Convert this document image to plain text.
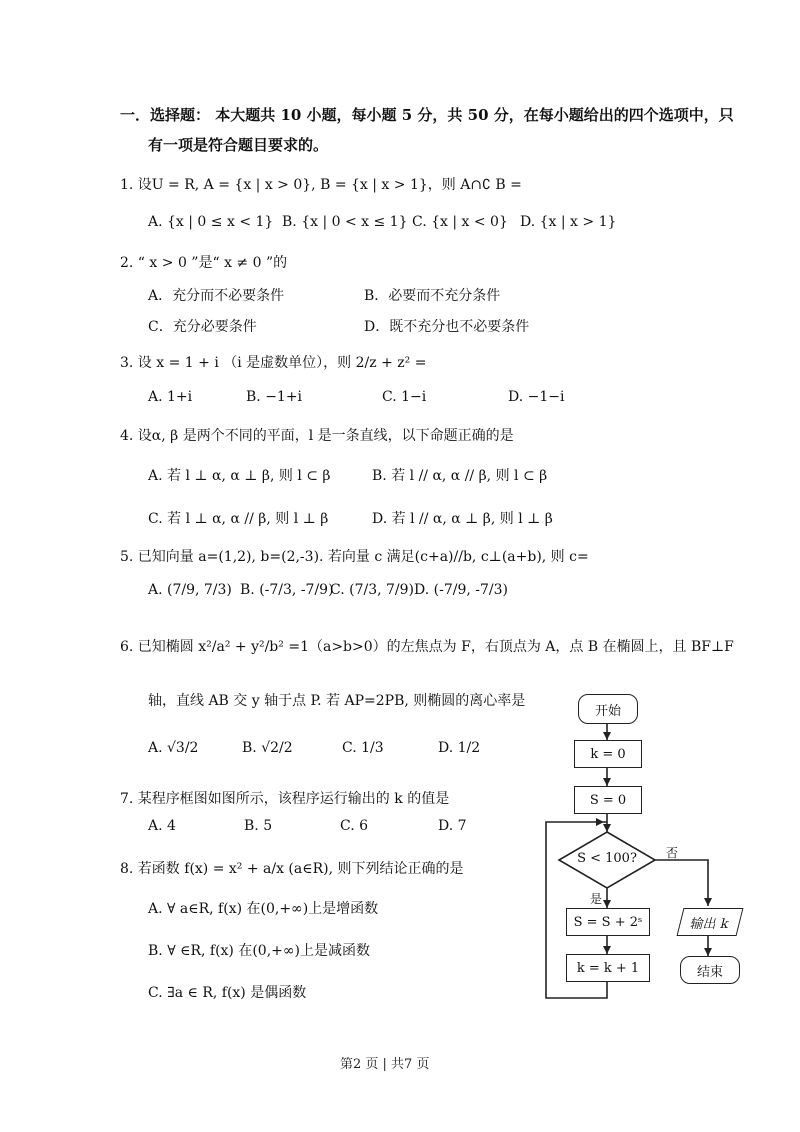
一．选择题： 本大题共 10 小题，每小题 5 分，共 50 分，在每小题给出的四个选项中，只
有一项是符合题目要求的。
1. 设U = R, A = {x | x > 0}, B = {x | x > 1}，则 A∩∁ B =
A. {x | 0 ≤ x < 1} B. {x | 0 < x ≤ 1} C. {x | x < 0} D. {x | x > 1}
2. “ x > 0 ”是“ x ≠ 0 ”的
A．充分而不必要条件	B．必要而不充分条件
C．充分必要条件	D．既不充分也不必要条件
3. 设 x = 1 + i （i 是虚数单位），则 2/z + z² =
A. 1+i	B. −1+i	C. 1−i	D. −1−i
4. 设α, β 是两个不同的平面，l 是一条直线，以下命题正确的是
A. 若 l ⊥ α, α ⊥ β, 则 l ⊂ β	B. 若 l // α, α // β, 则 l ⊂ β
C. 若 l ⊥ α, α // β, 则 l ⊥ β	D. 若 l // α, α ⊥ β, 则 l ⊥ β
5. 已知向量 a=(1,2), b=(2,-3). 若向量 c 满足(c+a)//b, c⊥(a+b), 则 c=
A. (7/9, 7/3) B. (-7/3, -7/9)
C. (7/3, 7/9) D. (-7/9, -7/3)
6. 已知椭圆 x²/a² + y²/b² =1（a>b>0）的左焦点为 F，右顶点为 A，点 B 在椭圆上，且 BF⊥F
轴，直线 AB 交 y 轴于点 P. 若 AP=2PB, 则椭圆的离心率是
A. √3/2	B. √2/2	C. 1/3	D. 1/2
7. 某程序框图如图所示，该程序运行输出的 k 的值是
A. 4	B. 5	C. 6	D. 7
8. 若函数 f(x) = x² + a/x (a∈R), 则下列结论正确的是
A. ∀ a∈R, f(x) 在(0,+∞)上是增函数
B. ∀ ∈R, f(x) 在(0,+∞)上是减函数
C. ∃a ∈ R, f(x) 是偶函数
开始
k = 0
S = 0
S < 100? 否
是
S = S + 2ˢ
k = k + 1
输出 k
结束
第2 页 | 共7 页
